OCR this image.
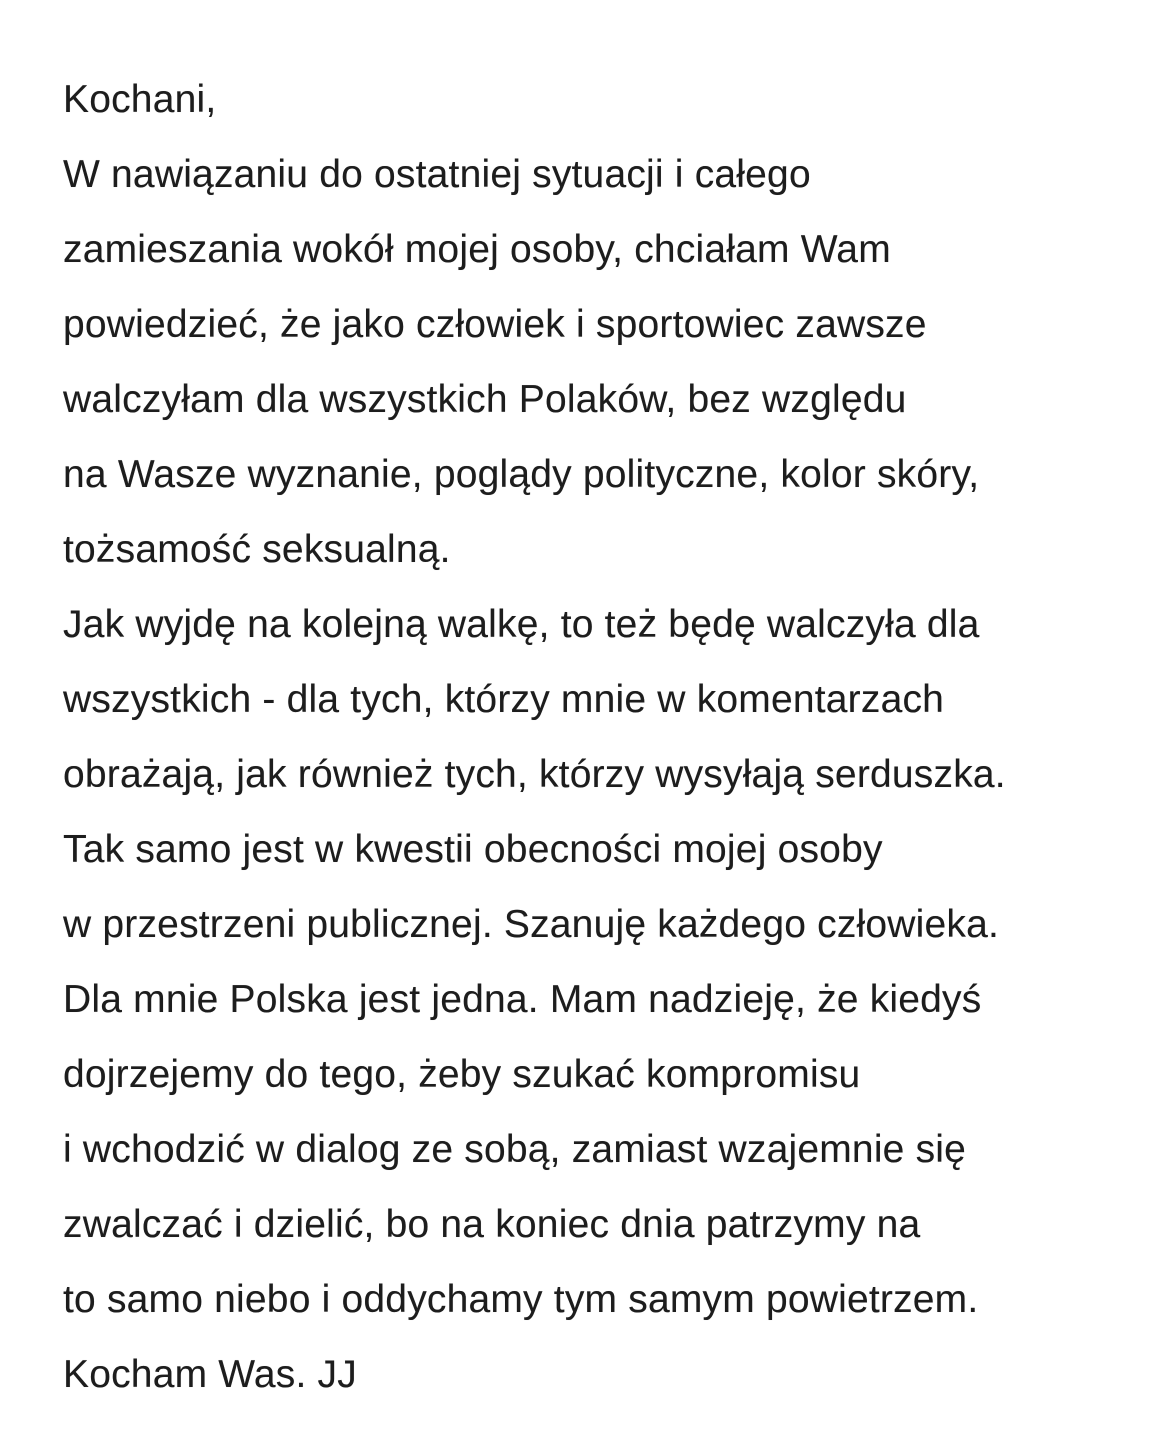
Kochani,
W nawiązaniu do ostatniej sytuacji i całego
zamieszania wokół mojej osoby, chciałam Wam
powiedzieć, że jako człowiek i sportowiec zawsze
walczyłam dla wszystkich Polaków, bez względu
na Wasze wyznanie, poglądy polityczne, kolor skóry,
tożsamość seksualną.
Jak wyjdę na kolejną walkę, to też będę walczyła dla
wszystkich - dla tych, którzy mnie w komentarzach
obrażają, jak również tych, którzy wysyłają serduszka.
Tak samo jest w kwestii obecności mojej osoby
w przestrzeni publicznej. Szanuję każdego człowieka.
Dla mnie Polska jest jedna. Mam nadzieję, że kiedyś
dojrzejemy do tego, żeby szukać kompromisu
i wchodzić w dialog ze sobą, zamiast wzajemnie się
zwalczać i dzielić, bo na koniec dnia patrzymy na
to samo niebo i oddychamy tym samym powietrzem.
Kocham Was. JJ
